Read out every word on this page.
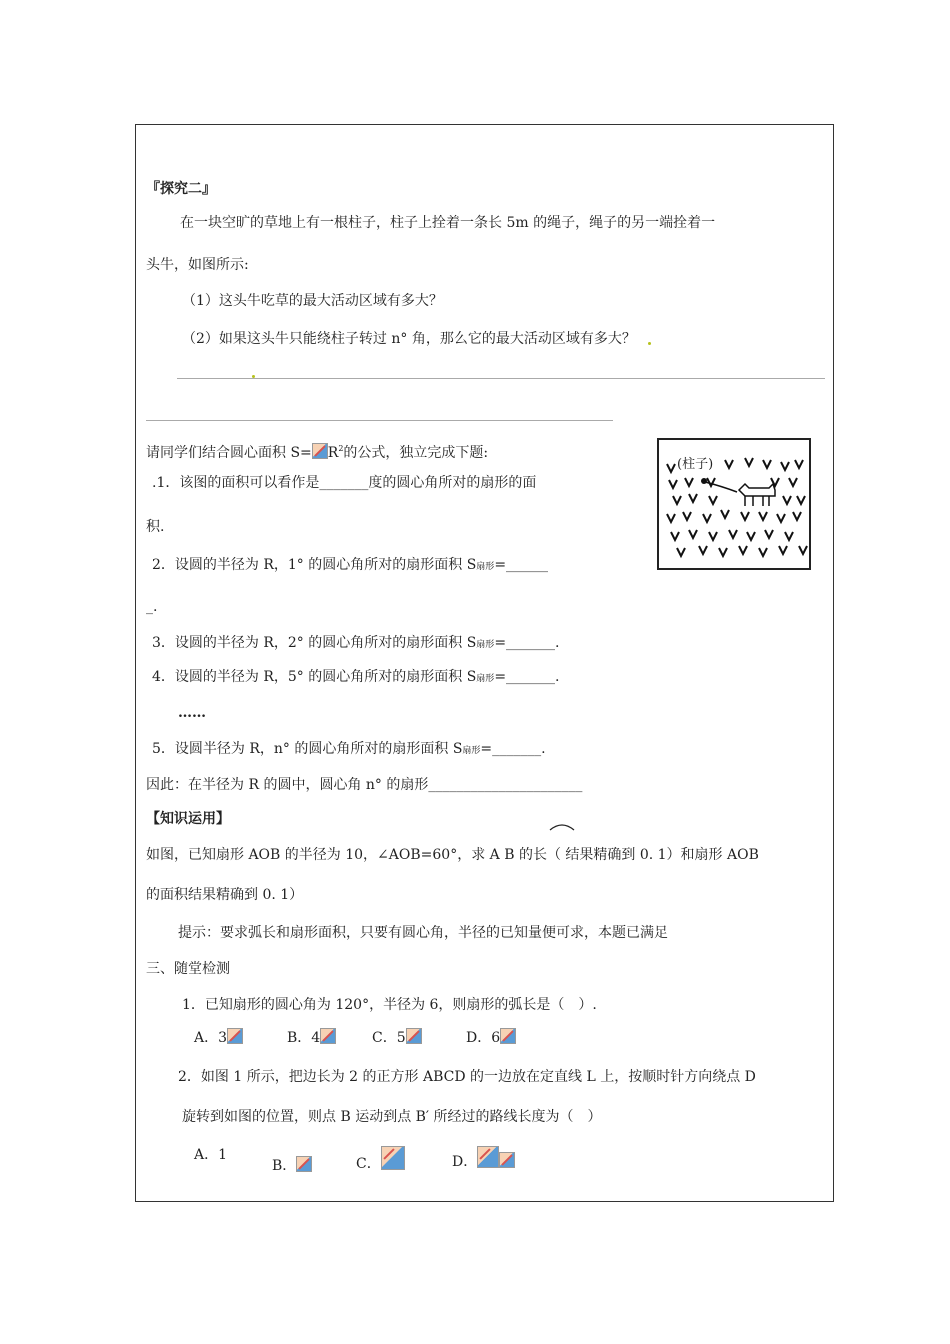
『探究二』
在一块空旷的草地上有一根柱子，柱子上拴着一条长 5m 的绳子，绳子的另一端拴着一
头牛，如图所示:
（1）这头牛吃草的最大活动区域有多大？
（2）如果这头牛只能绕柱子转过 n° 角，那么它的最大活动区域有多大？
请同学们结合圆心面积 $S= R^2$的公式，独立完成下题:
.1．该图的面积可以看作是_______度的圆心角所对的扇形的面
积.
2．设圆的半径为 R，1° 的圆心角所对的扇形面积 S扇形=______
_.
3．设圆的半径为 R，2° 的圆心角所对的扇形面积 S扇形=_______.
4．设圆的半径为 R，5° 的圆心角所对的扇形面积 S扇形=_______.
……
5．设圆半径为 R，n° 的圆心角所对的扇形面积 S扇形=_______.
因此：在半径为 R 的圆中，圆心角 n° 的扇形______________________
(柱子)
【知识运用】
如图，已知扇形 AOB 的半径为 10，∠AOB=60°，求 A B 的长（ 结果精确到 0. 1）和扇形 AOB
的面积结果精确到 0. 1）
提示：要求弧长和扇形面积，只要有圆心角，半径的已知量便可求，本题已满足
三、随堂检测
1．已知扇形的圆心角为 120°，半径为 6，则扇形的弧长是（　）.
A．3	B．4	C．5	D．6
2．如图 1 所示，把边长为 2 的正方形 ABCD 的一边放在定直线 L 上，按顺时针方向绕点 D
旋转到如图的位置，则点 B 运动到点 B′ 所经过的路线长度为（　）
A．1
B．	C．	D．
